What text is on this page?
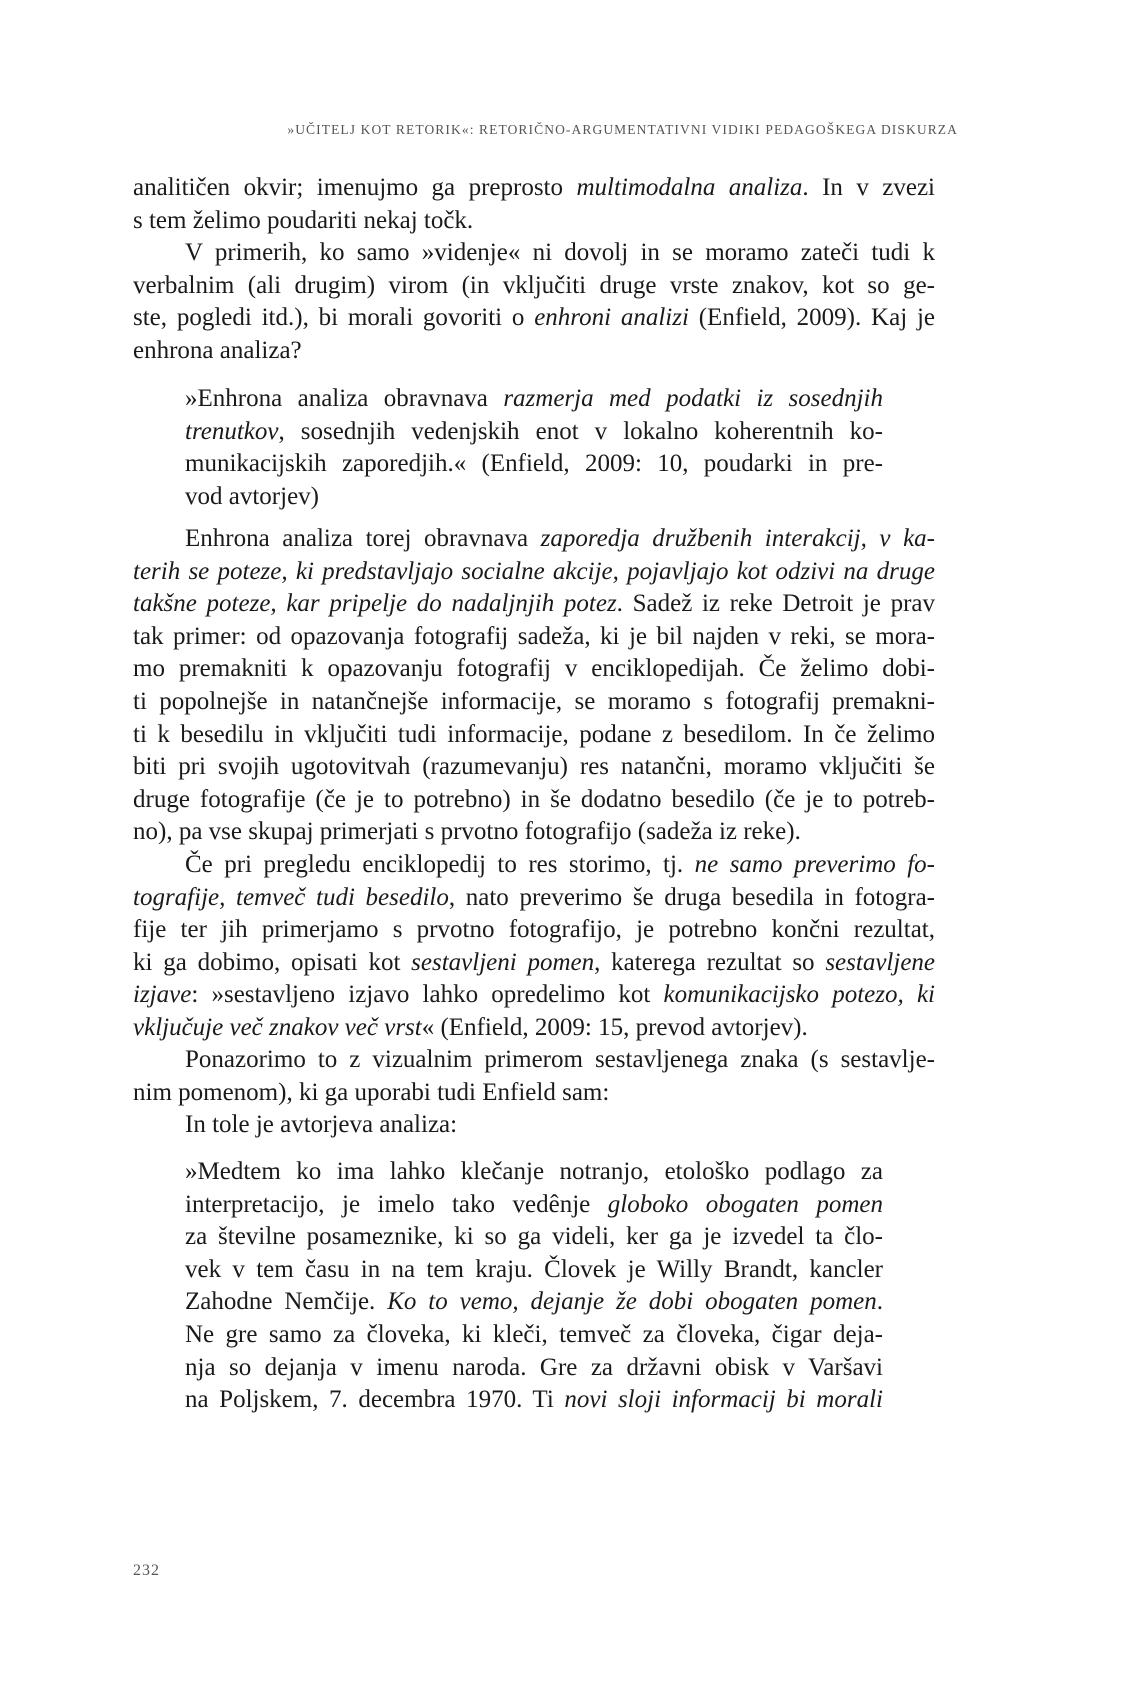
»UČITELJ KOT RETORIK«: RETORIČNO-ARGUMENTATIVNI VIDIKI PEDAGOŠKEGA DISKURZA
analitičen okvir; imenujmo ga preprosto multimodalna analiza. In v zvezi
s tem želimo poudariti nekaj točk.
V primerih, ko samo »videnje« ni dovolj in se moramo zateči tudi k
verbalnim (ali drugim) virom (in vključiti druge vrste znakov, kot so ge-
ste, pogledi itd.), bi morali govoriti o enhroni analizi (Enfield, 2009). Kaj je
enhrona analiza?
»Enhrona analiza obravnava razmerja med podatki iz sosednjih
trenutkov, sosednjih vedenjskih enot v lokalno koherentnih ko-
munikacijskih zaporedjih.« (Enfield, 2009: 10, poudarki in pre-
vod avtorjev)
Enhrona analiza torej obravnava zaporedja družbenih interakcij, v ka-
terih se poteze, ki predstavljajo socialne akcije, pojavljajo kot odzivi na druge
takšne poteze, kar pripelje do nadaljnjih potez. Sadež iz reke Detroit je prav
tak primer: od opazovanja fotografij sadeža, ki je bil najden v reki, se mora-
mo premakniti k opazovanju fotografij v enciklopedijah. Če želimo dobi-
ti popolnejše in natančnejše informacije, se moramo s fotografij premakni-
ti k besedilu in vključiti tudi informacije, podane z besedilom. In če želimo
biti pri svojih ugotovitvah (razumevanju) res natančni, moramo vključiti še
druge fotografije (če je to potrebno) in še dodatno besedilo (če je to potreb-
no), pa vse skupaj primerjati s prvotno fotografijo (sadeža iz reke).
Če pri pregledu enciklopedij to res storimo, tj. ne samo preverimo fo-
tografije, temveč tudi besedilo, nato preverimo še druga besedila in fotogra-
fije ter jih primerjamo s prvotno fotografijo, je potrebno končni rezultat,
ki ga dobimo, opisati kot sestavljeni pomen, katerega rezultat so sestavljene
izjave: »sestavljeno izjavo lahko opredelimo kot komunikacijsko potezo, ki
vključuje več znakov več vrst« (Enfield, 2009: 15, prevod avtorjev).
Ponazorimo to z vizualnim primerom sestavljenega znaka (s sestavlje-
nim pomenom), ki ga uporabi tudi Enfield sam:
In tole je avtorjeva analiza:
»Medtem ko ima lahko klečanje notranjo, etološko podlago za
interpretacijo, je imelo tako vedênje globoko obogaten pomen
za številne posameznike, ki so ga videli, ker ga je izvedel ta člo-
vek v tem času in na tem kraju. Človek je Willy Brandt, kancler
Zahodne Nemčije. Ko to vemo, dejanje že dobi obogaten pomen.
Ne gre samo za človeka, ki kleči, temveč za človeka, čigar deja-
nja so dejanja v imenu naroda. Gre za državni obisk v Varšavi
na Poljskem, 7. decembra 1970. Ti novi sloji informacij bi morali
232
